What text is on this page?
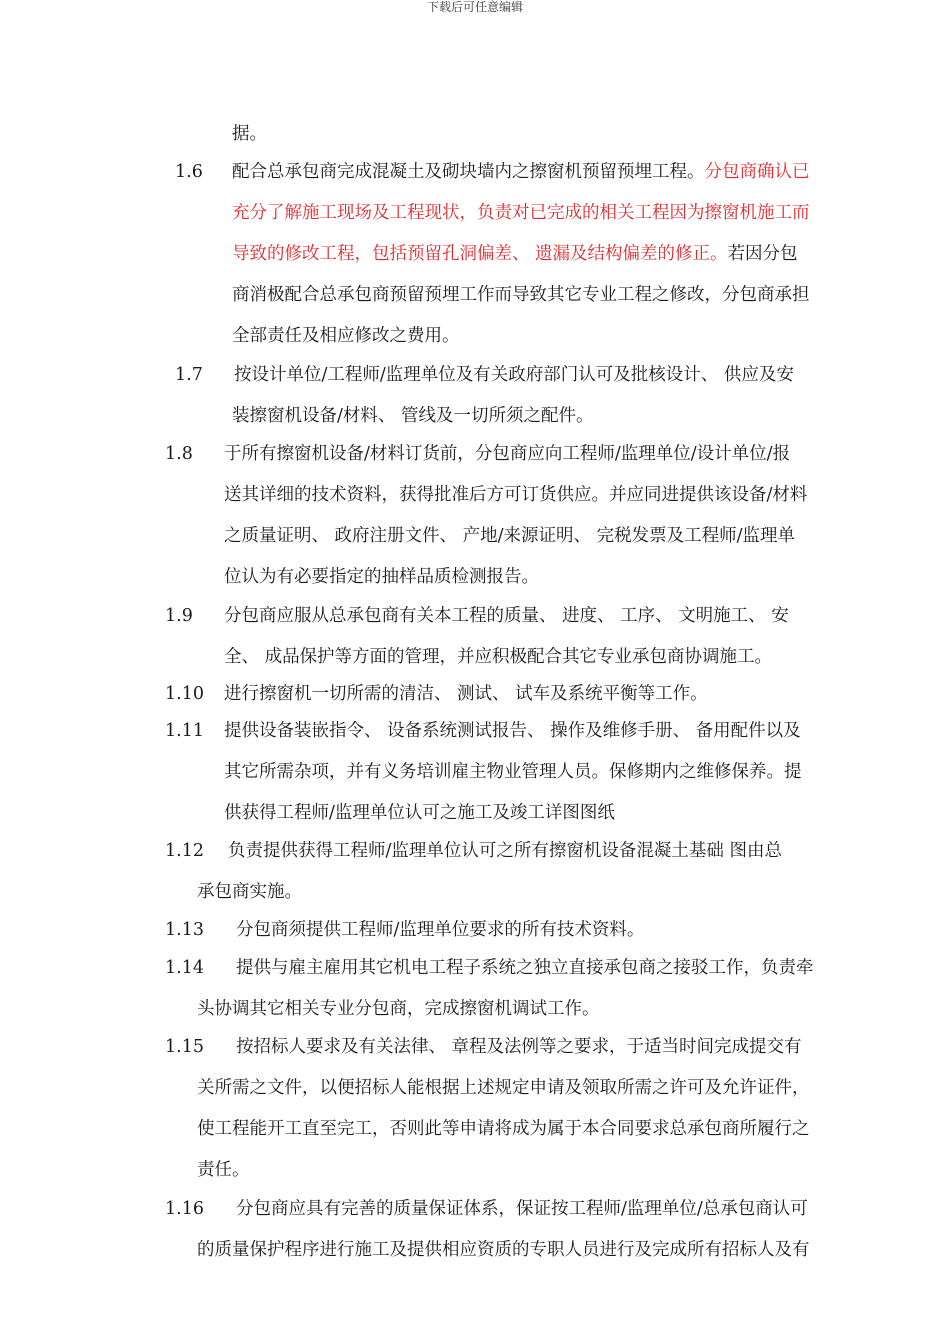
下载后可任意编辑
据。
1.6 配合总承包商完成混凝土及砌块墙内之擦窗机预留预埋工程。分包商确认已
充分了解施工现场及工程现状，负责对已完成的相关工程因为擦窗机施工而
导致的修改工程，包括预留孔洞偏差、 遗漏及结构偏差的修正。若因分包
商消极配合总承包商预留预埋工作而导致其它专业工程之修改，分包商承担
全部责任及相应修改之费用。
1.7 按设计单位/工程师/监理单位及有关政府部门认可及批核设计、 供应及安
装擦窗机设备/材料、 管线及一切所须之配件。
1.8 于所有擦窗机设备/材料订货前，分包商应向工程师/监理单位/设计单位/报
送其详细的技术资料，获得批准后方可订货供应。并应同进提供该设备/材料
之质量证明、 政府注册文件、 产地/来源证明、 完税发票及工程师/监理单
位认为有必要指定的抽样品质检测报告。
1.9 分包商应服从总承包商有关本工程的质量、 进度、 工序、 文明施工、 安
全、 成品保护等方面的管理，并应积极配合其它专业承包商协调施工。
1.10 进行擦窗机一切所需的清洁、 测试、 试车及系统平衡等工作。
1.11 提供设备装嵌指令、 设备系统测试报告、 操作及维修手册、 备用配件以及
其它所需杂项，并有义务培训雇主物业管理人员。保修期内之维修保养。提
供获得工程师/监理单位认可之施工及竣工详图图纸
1.12 负责提供获得工程师/监理单位认可之所有擦窗机设备混凝土基础 图由总
承包商实施。
1.13 分包商须提供工程师/监理单位要求的所有技术资料。
1.14 提供与雇主雇用其它机电工程子系统之独立直接承包商之接驳工作，负责牵
头协调其它相关专业分包商，完成擦窗机调试工作。
1.15 按招标人要求及有关法律、 章程及法例等之要求，于适当时间完成提交有
关所需之文件，以便招标人能根据上述规定申请及领取所需之许可及允许证件，
使工程能开工直至完工，否则此等申请将成为属于本合同要求总承包商所履行之
责任。
1.16 分包商应具有完善的质量保证体系，保证按工程师/监理单位/总承包商认可
的质量保护程序进行施工及提供相应资质的专职人员进行及完成所有招标人及有
